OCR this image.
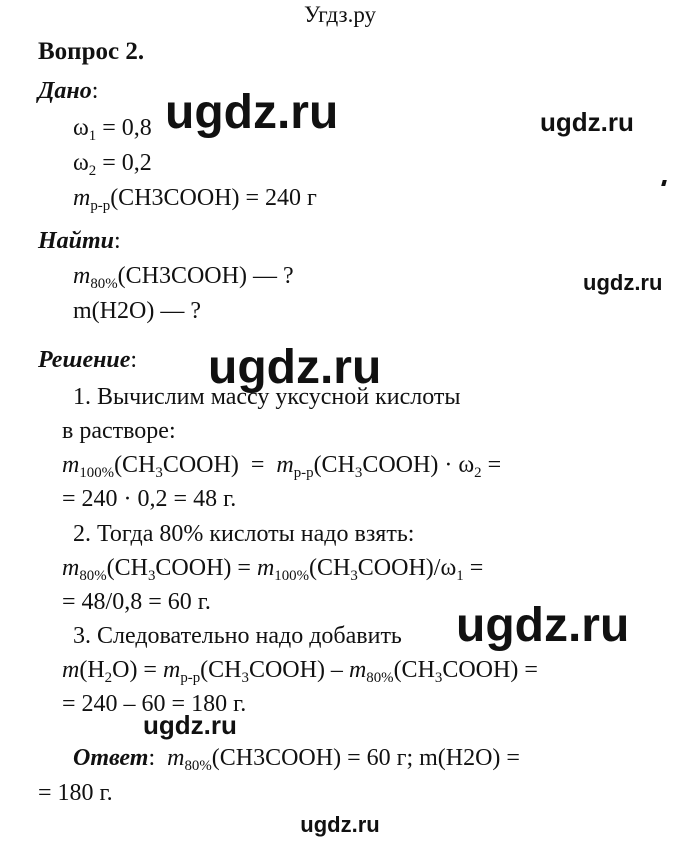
Угдз.ру
Вопрос 2.
Дано:
$\omega_1 = 0,8$
$\omega_2 = 0,2$
$m_{р-р}(CH3COOH) = 240$ г
Найти:
$m_{80\%}(CH3COOH)$ — ?
m(H2O) — ?
Решение:
1. Вычислим массу уксусной кислоты
в растворе:
$m_{100\%}(CH_3COOH)$  =  $m_{р-р}(CH_3COOH) \cdot \omega_2$ =
= 240 · 0,2 = 48 г.
2. Тогда 80% кислоты надо взять:
$m_{80\%}(CH_3COOH)$ = $m_{100\%}(CH_3COOH)/\omega_1$ =
= 48/0,8 = 60 г.
3. Следовательно надо добавить
$m(H_2O)$ = $m_{р-р}(CH_3COOH)$ – $m_{80\%}(CH_3COOH)$ =
= 240 – 60 = 180 г.
Ответ:  $m_{80\%}(CH3COOH) = 60$ г; m(H2O) =
= 180 г.
ugdz.ru	ugdz.ru
ugdz.ru
ugdz.ru
ugdz.ru
ugdz.ru
ugdz.ru
